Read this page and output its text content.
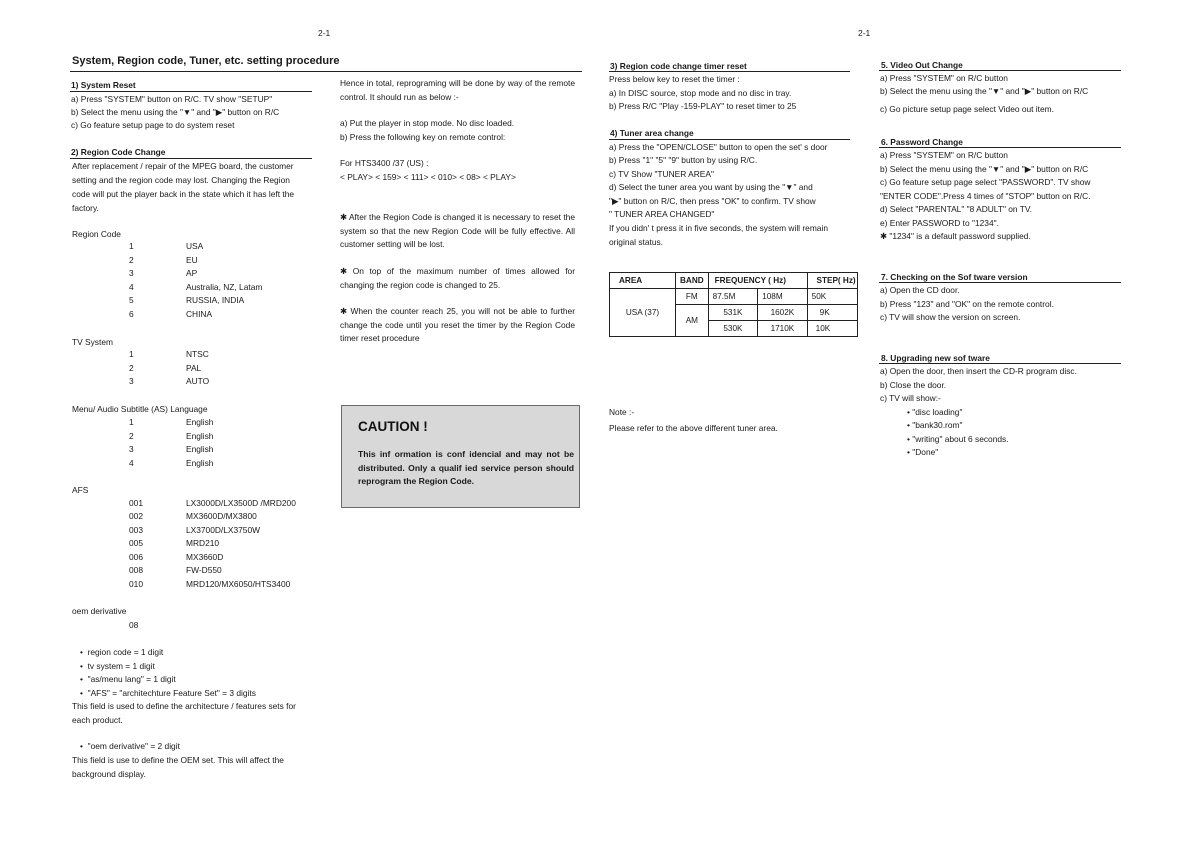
2-1	2-1
System, Region code, Tuner, etc. setting procedure
1) System Reset
a) Press "SYSTEM" button on R/C. TV show "SETUP"
b) Select the menu using the "▼" and "▶" button on R/C
c) Go feature setup page to do system reset
2) Region Code Change
After replacement / repair of the MPEG board, the customer
setting and the region code may lost. Changing the Region
code will put the player back in the state which it has left the
factory.
Region Code
1	USA
2	EU
3	AP
4	Australia, NZ, Latam
5	RUSSIA, INDIA
6	CHINA
TV System
1	NTSC
2	PAL
3	AUTO
Menu/ Audio Subtitle (AS) Language
1	English
2	English
3	English
4	English
AFS
001	LX3000D/LX3500D /MRD200
002	MX3600D/MX3800
003	LX3700D/LX3750W
005	MRD210
006	MX3660D
008	FW-D550
010	MRD120/MX6050/HTS3400
oem derivative
08
•  region code = 1 digit
•  tv system = 1 digit
•  "as/menu lang" = 1 digit
•  "AFS" = "architechture Feature Set" = 3 digits
This field is used to define the architecture / features sets for
each product.
•  "oem derivative" = 2 digit
This field is use to define the OEM set. This will affect the
background display.
Hence in total, reprograming will be done by way of the remote control. It should run as below :-
a) Put the player in stop mode. No disc loaded.
b) Press the following key on remote control:
For HTS3400 /37 (US) :
< PLAY> < 159> < 111> < 010> < 08> < PLAY>
✱ After the Region Code is changed it is necessary to reset the system so that the new Region Code will be fully effective. All customer setting will be lost.
✱ On top of the maximum number of times allowed for changing the region code is changed to 25.
✱ When the counter reach 25, you will not be able to further change the code until you reset the timer by the Region Code timer reset procedure
CAUTION !
This inf ormation is conf idencial and may not be distributed. Only a qualif ied service person should reprogram the Region Code.
3) Region code change timer reset
Press below key to reset the timer :
a) In DISC source, stop mode and no disc in tray.
b) Press R/C "Play -159-PLAY" to reset timer to 25
4) Tuner area change
a) Press the "OPEN/CLOSE" button to open the set' s door
b) Press "1" "5" "9" button by using R/C.
c) TV Show "TUNER AREA"
d) Select the tuner area you want by using the "▼" and
"▶" button on R/C, then press "OK" to confirm. TV show
" TUNER AREA CHANGED"
If you didn' t press it in five seconds, the system will remain
original status.
AREA	BAND	FREQUENCY ( Hz)		STEP( Hz)
USA (37)	FM	87.5M	108M	50K
	AM	531K	1602K	9K
		530K	1710K	10K
Note :-
Please refer to the above different tuner area.
5. Video Out Change
a) Press "SYSTEM" on R/C button
b) Select the menu using the "▼" and "▶" button on R/C
c) Go picture setup page select Video out item.
6. Password Change
a) Press "SYSTEM" on R/C button
b) Select the menu using the "▼" and "▶" button on R/C
c) Go feature setup page select "PASSWORD". TV show
"ENTER CODE".Press 4 times of "STOP" button on R/C.
d) Select "PARENTAL" "8 ADULT" on TV.
e) Enter PASSWORD to "1234".
✱ "1234" is a default password supplied.
7. Checking on the Sof tware version
a) Open the CD door.
b) Press "123" and "OK" on the remote control.
c) TV will show the version on screen.
8. Upgrading new sof tware
a) Open the door, then insert the CD-R program disc.
b) Close the door.
c) TV will show:-
• "disc loading"
• "bank30.rom"
• "writing" about 6 seconds.
• "Done"
